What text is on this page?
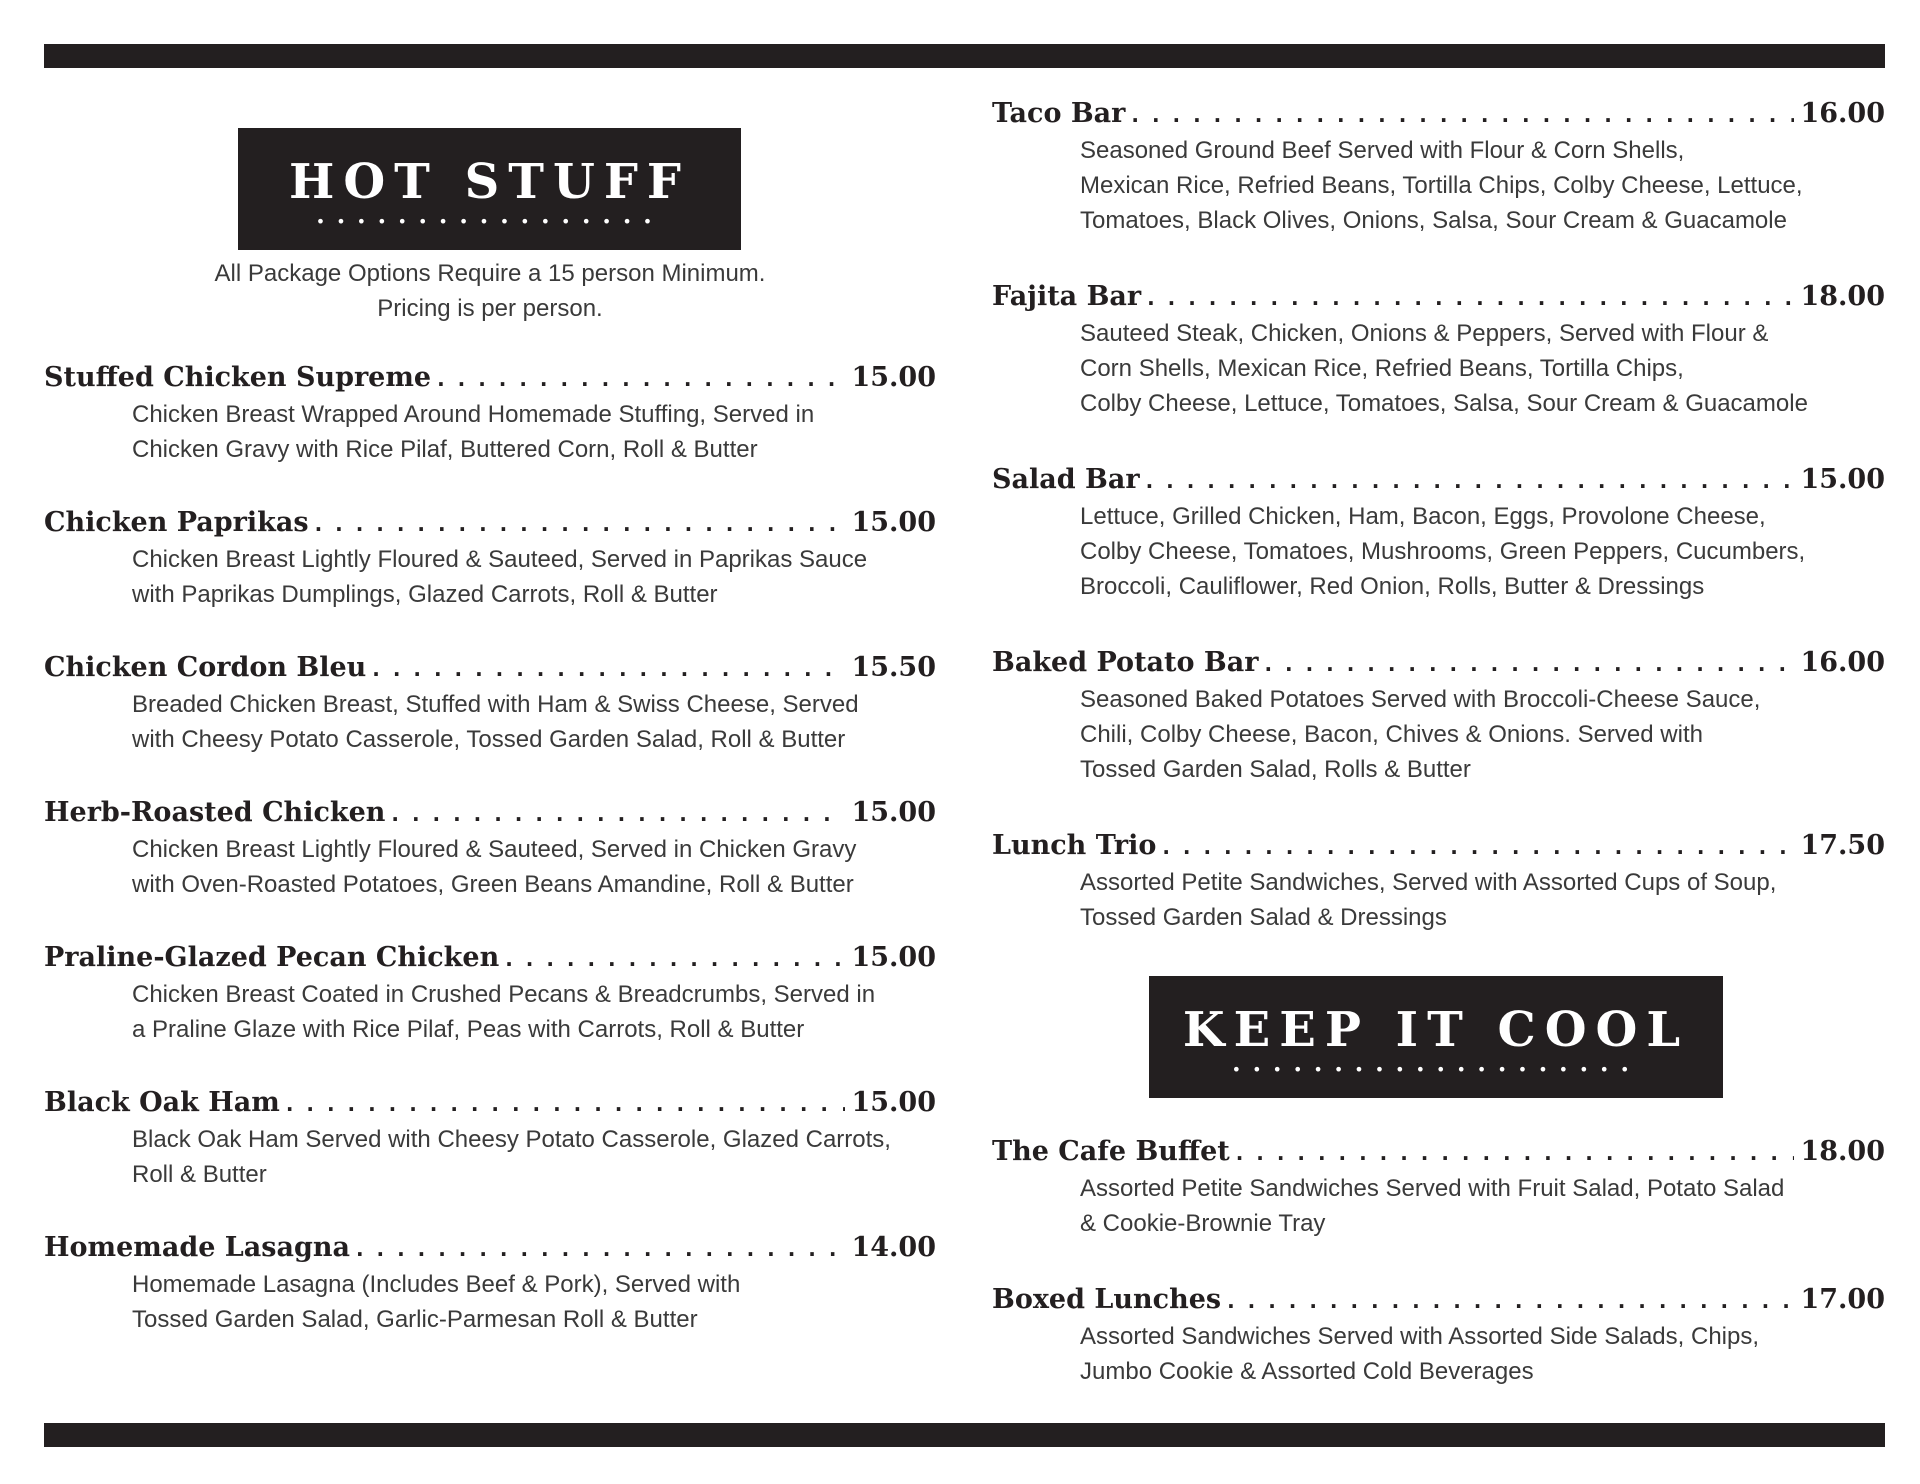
HOT STUFF
•••••••••••••••••
All Package Options Require a 15 person Minimum.
Pricing is per person.
Stuffed Chicken Supreme . . .	15.00
Chicken Breast Wrapped Around Homemade Stuffing, Served in
Chicken Gravy with Rice Pilaf, Buttered Corn, Roll & Butter
Chicken Paprikas . . .	15.00
Chicken Breast Lightly Floured & Sauteed, Served in Paprikas Sauce
with Paprikas Dumplings, Glazed Carrots, Roll & Butter
Chicken Cordon Bleu . . .	15.50
Breaded Chicken Breast, Stuffed with Ham & Swiss Cheese, Served
with Cheesy Potato Casserole, Tossed Garden Salad, Roll & Butter
Herb-Roasted Chicken . . .	15.00
Chicken Breast Lightly Floured & Sauteed, Served in Chicken Gravy
with Oven-Roasted Potatoes, Green Beans Amandine, Roll & Butter
Praline-Glazed Pecan Chicken . . .	15.00
Chicken Breast Coated in Crushed Pecans & Breadcrumbs, Served in
a Praline Glaze with Rice Pilaf, Peas with Carrots, Roll & Butter
Black Oak Ham . . .	15.00
Black Oak Ham Served with Cheesy Potato Casserole, Glazed Carrots,
Roll & Butter
Homemade Lasagna . . .	14.00
Homemade Lasagna (Includes Beef & Pork), Served with
Tossed Garden Salad, Garlic-Parmesan Roll & Butter
Taco Bar . . .	16.00
Seasoned Ground Beef Served with Flour & Corn Shells,
Mexican Rice, Refried Beans, Tortilla Chips, Colby Cheese, Lettuce,
Tomatoes, Black Olives, Onions, Salsa, Sour Cream & Guacamole
Fajita Bar . . .	18.00
Sauteed Steak, Chicken, Onions & Peppers, Served with Flour &
Corn Shells, Mexican Rice, Refried Beans, Tortilla Chips,
Colby Cheese, Lettuce, Tomatoes, Salsa, Sour Cream & Guacamole
Salad Bar . . .	15.00
Lettuce, Grilled Chicken, Ham, Bacon, Eggs, Provolone Cheese,
Colby Cheese, Tomatoes, Mushrooms, Green Peppers, Cucumbers,
Broccoli, Cauliflower, Red Onion, Rolls, Butter & Dressings
Baked Potato Bar . . .	16.00
Seasoned Baked Potatoes Served with Broccoli-Cheese Sauce,
Chili, Colby Cheese, Bacon, Chives & Onions. Served with
Tossed Garden Salad, Rolls & Butter
Lunch Trio . . .	17.50
Assorted Petite Sandwiches, Served with Assorted Cups of Soup,
Tossed Garden Salad & Dressings
KEEP IT COOL
••••••••••••••••••••
The Cafe Buffet . . .	18.00
Assorted Petite Sandwiches Served with Fruit Salad, Potato Salad
& Cookie-Brownie Tray
Boxed Lunches . . .	17.00
Assorted Sandwiches Served with Assorted Side Salads, Chips,
Jumbo Cookie & Assorted Cold Beverages
